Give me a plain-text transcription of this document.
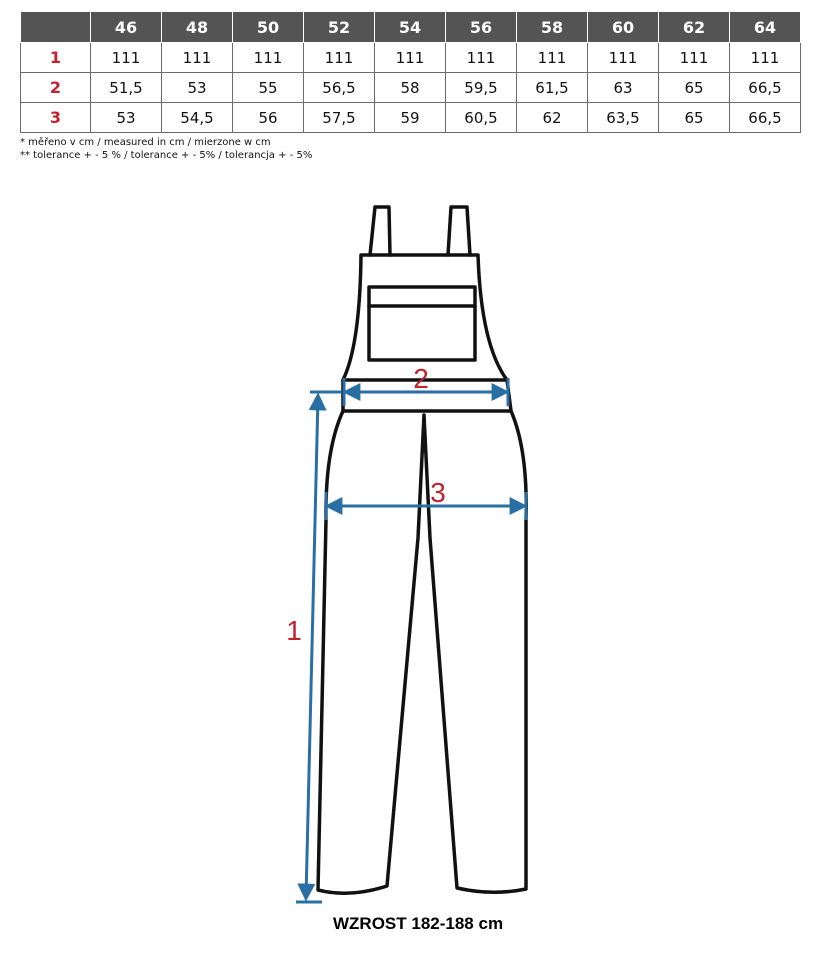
	46	48	50	52	54	56	58	60	62	64
1	111	111	111	111	111	111	111	111	111	111
2	51,5	53	55	56,5	58	59,5	61,5	63	65	66,5
3	53	54,5	56	57,5	59	60,5	62	63,5	65	66,5
* měřeno v cm / measured in cm / mierzone w cm
** tolerance + - 5 % / tolerance + - 5% / tolerancja + - 5%
2
3
1
WZROST 182-188 cm
